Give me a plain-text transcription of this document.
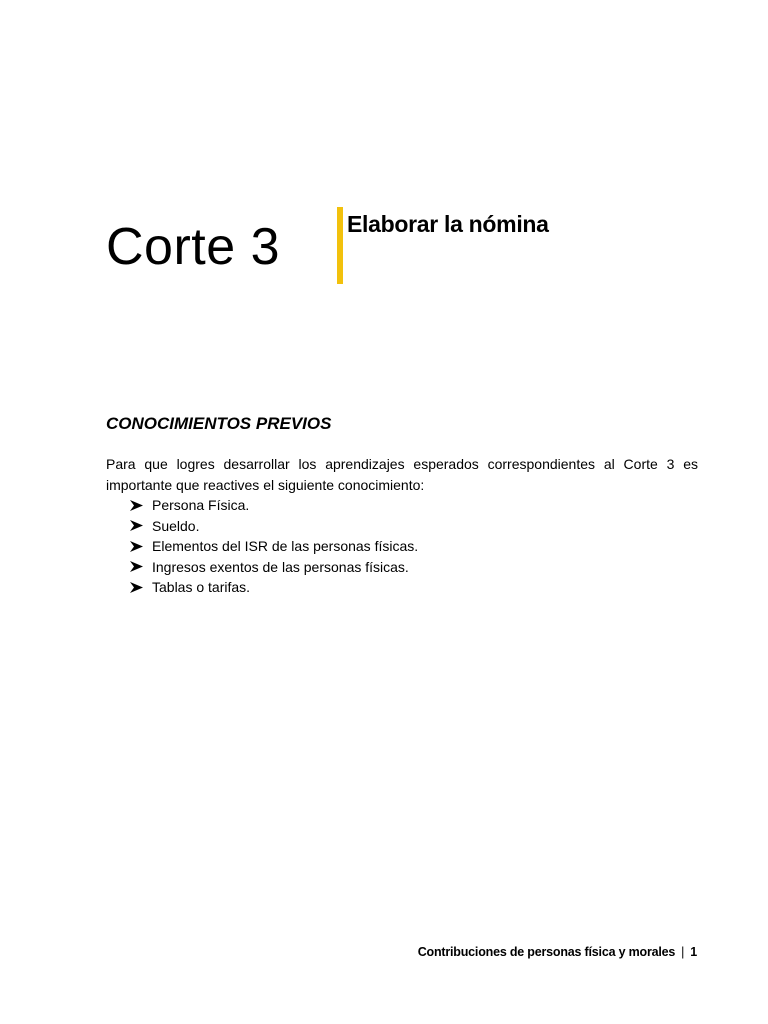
Corte 3	Elaborar la nómina
CONOCIMIENTOS PREVIOS

Para que logres desarrollar los aprendizajes esperados correspondientes al Corte 3 es importante que reactives el siguiente conocimiento:

Persona Física.
Sueldo.
Elementos del ISR de las personas físicas.
Ingresos exentos de las personas físicas.
Tablas o tarifas.
Contribuciones de personas física y morales | 1
